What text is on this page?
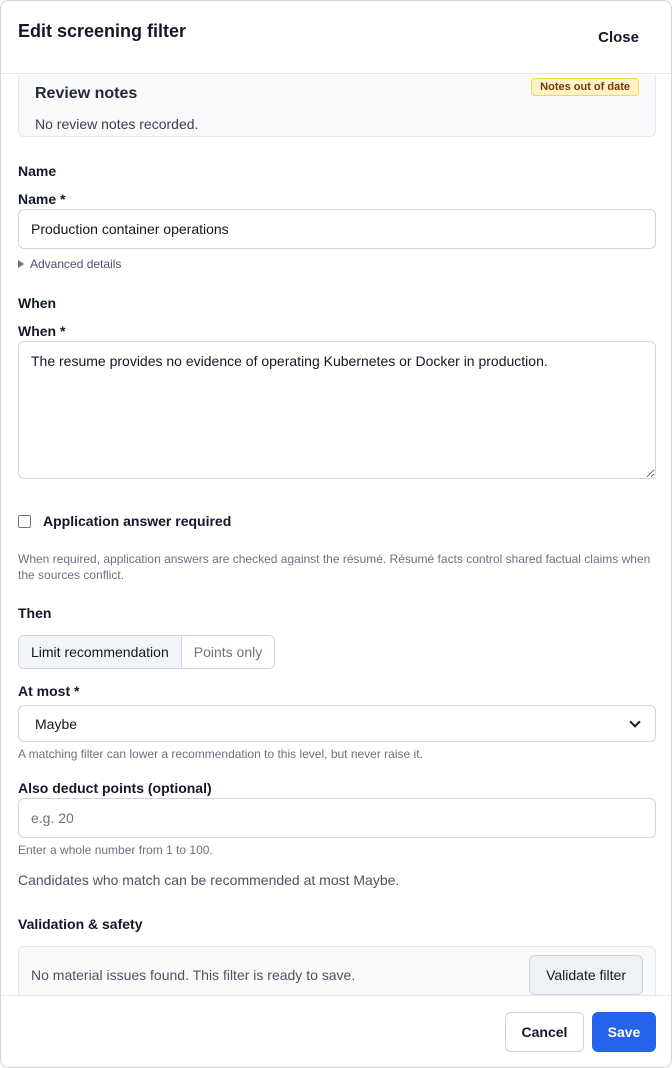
Edit screening filter	Close
Review notes	Notes out of date
No review notes recorded.
Name
Name *
Production container operations
Advanced details
When
When *
The resume provides no evidence of operating Kubernetes or Docker in production.
Application answer required
When required, application answers are checked against the résumé. Résumé facts control shared factual claims when the sources conflict.
Then
Limit recommendation	Points only
At most *
Maybe
A matching filter can lower a recommendation to this level, but never raise it.
Also deduct points (optional)
e.g. 20
Enter a whole number from 1 to 100.
Candidates who match can be recommended at most Maybe.
Validation & safety
No material issues found. This filter is ready to save.	Validate filter
Cancel	Save
